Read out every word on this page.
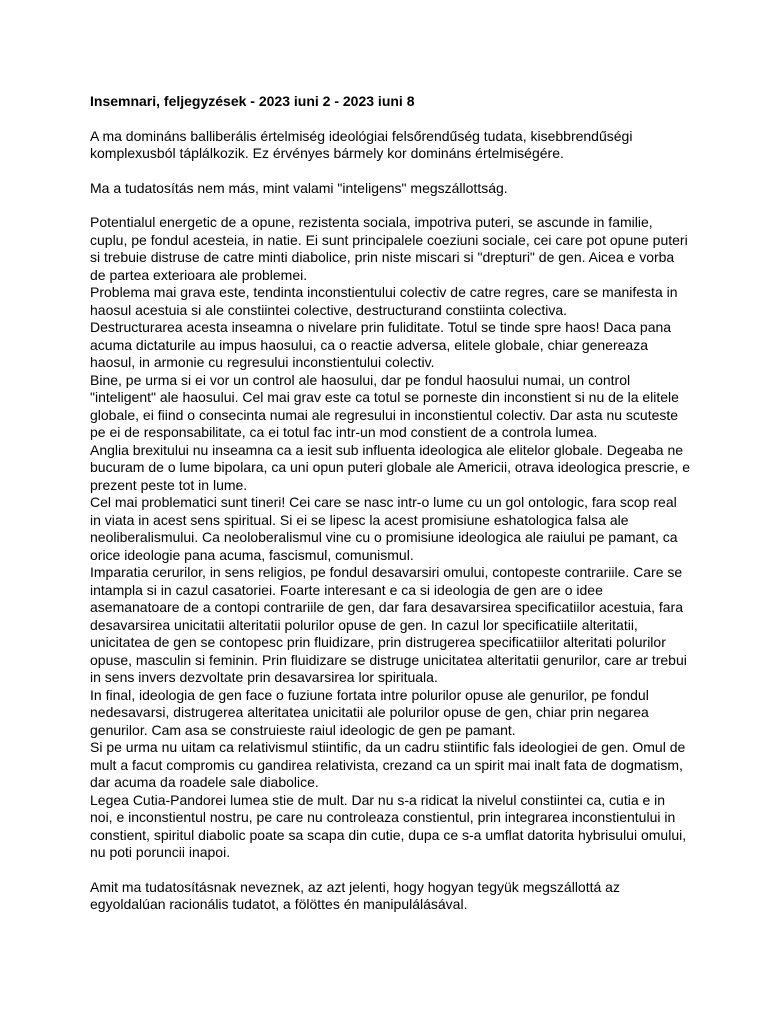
Insemnari, feljegyzések - 2023 iuni 2 - 2023 iuni 8

A ma domináns balliberális értelmiség ideológiai felsőrendűség tudata, kisebbrendűségi komplexusból táplálkozik. Ez érvényes bármely kor domináns értelmiségére.

Ma a tudatosítás nem más, mint valami "inteligens" megszállottság.

Potentialul energetic de a opune, rezistenta sociala, impotriva puteri, se ascunde in familie, cuplu, pe fondul acesteia, in natie. Ei sunt principalele coeziuni sociale, cei care pot opune puteri si trebuie distruse de catre minti diabolice, prin niste miscari si "drepturi" de gen. Aicea e vorba de partea exterioara ale problemei.

Problema mai grava este, tendinta inconstientului colectiv de catre regres, care se manifesta in haosul acestuia si ale constiintei colective, destructurand constiinta colectiva.

Destructurarea acesta inseamna o nivelare prin fuliditate. Totul se tinde spre haos! Daca pana acuma dictaturile au impus haosului, ca o reactie adversa, elitele globale, chiar genereaza haosul, in armonie cu regresului inconstientului colectiv.

Bine, pe urma si ei vor un control ale haosului, dar pe fondul haosului numai, un control "inteligent" ale haosului. Cel mai grav este ca totul se porneste din inconstient si nu de la elitele globale, ei fiind o consecinta numai ale regresului in inconstientul colectiv. Dar asta nu scuteste pe ei de responsabilitate, ca ei totul fac intr-un mod constient de a controla lumea.

Anglia brexitului nu inseamna ca a iesit sub influenta ideologica ale elitelor globale. Degeaba ne bucuram de o lume bipolara, ca uni opun puteri globale ale Americii, otrava ideologica prescrie, e prezent peste tot in lume.

Cel mai problematici sunt tineri! Cei care se nasc intr-o lume cu un gol ontologic, fara scop real in viata in acest sens spiritual. Si ei se lipesc la acest promisiune eshatologica falsa ale neoliberalismului. Ca neoloberalismul vine cu o promisiune ideologica ale raiului pe pamant, ca orice ideologie pana acuma, fascismul, comunismul.

Imparatia cerurilor, in sens religios, pe fondul desavarsiri omului, contopeste contrariile. Care se intampla si in cazul casatoriei. Foarte interesant e ca si ideologia de gen are o idee asemanatoare de a contopi contrariile de gen, dar fara desavarsirea specificatiilor acestuia, fara desavarsirea unicitatii alteritatii polurilor opuse de gen. In cazul lor specificatiile alteritatii, unicitatea de gen se contopesc prin fluidizare, prin distrugerea specificatiilor alteritati polurilor opuse, masculin si feminin. Prin fluidizare se distruge unicitatea alteritatii genurilor, care ar trebui in sens invers dezvoltate prin desavarsirea lor spirituala.

In final, ideologia de gen face o fuziune fortata intre polurilor opuse ale genurilor, pe fondul nedesavarsi, distrugerea alteritatea unicitatii ale polurilor opuse de gen, chiar prin negarea genurilor. Cam asa se construieste raiul ideologic de gen pe pamant.

Si pe urma nu uitam ca relativismul stiintific, da un cadru stiintific fals ideologiei de gen. Omul de mult a facut compromis cu gandirea relativista, crezand ca un spirit mai inalt fata de dogmatism, dar acuma da roadele sale diabolice.

Legea Cutia-Pandorei lumea stie de mult. Dar nu s-a ridicat la nivelul constiintei ca, cutia e in noi, e inconstientul nostru, pe care nu controleaza constientul, prin integrarea inconstientului in constient, spiritul diabolic poate sa scapa din cutie, dupa ce s-a umflat datorita hybrisului omului, nu poti poruncii inapoi.

Amit ma tudatosításnak neveznek, az azt jelenti, hogy hogyan tegyük megszállottá az egyoldalúan racionális tudatot, a fölöttes én manipulálásával.
